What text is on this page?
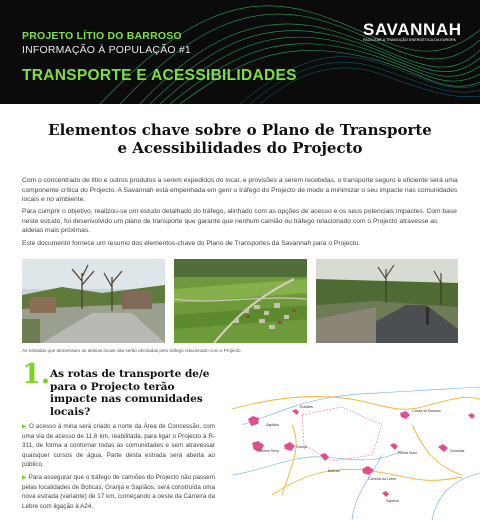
PROJETO LÍTIO DO BARROSO
INFORMAÇÃO À POPULAÇÃO #1
TRANSPORTE E ACESSIBILIDADES
SAVANNAH
FACILITAR A TRANSIÇÃO ENERGÉTICA DA EUROPA
Elementos chave sobre o Plano de Transporte
e Acessibilidades do Projecto

Com o concentrado de lítio e outros produtos a serem expedidos do local, e provisões a serem recebidas, o transporte seguro e eficiente será uma componente crítica do Projecto. A Savannah está empenhada em gerir o tráfego do Projecto de modo a minimizar o seu impacte nas comunidades locais e no ambiente.

Para cumprir o objetivo, realizou-se um estudo detalhado do tráfego, alinhado com as opções de acesso e os seus potenciais impactes. Com base neste estudo, foi desenvolvido um plano de transporte que garante que nenhum camião ou tráfego relacionado com o Projecto atravesse as aldeias mais próximas.

Este documento fornece um resumo dos elementos-chave do Plano de Transportes da Savannah para o Projecto.

As estradas que atravessam as aldeias locais não serão afectadas pelo tráfego relacionado com o Projecto
1. As rotas de transporte de/e para o Projecto terão impacte nas comunidades locais?

▶ O acesso à mina será criado a norte da Área de Concessão, com uma via de acesso de 11,6 km, reabilitada, para ligar o Projecto à R-311, de forma a contornar todas as comunidades e sem atravessar quaisquer cursos de água. Parte desta estrada será aberta ao público.

▶ Para assegurar que o tráfego de camiões do Projecto não passem pelas localidades de Boticas, Granja e Sapiãos, será construída uma nova estrada (variante) de 17 km, começando a oeste da Carreira da Lebre com ligação à A24.

Covas do Barroso
Dornelas
Vilarinho Seco
Sapiãos
Granja
Boticas
Carreira da Lebre
Ruivães
Pinhal Novo
Sapelos
